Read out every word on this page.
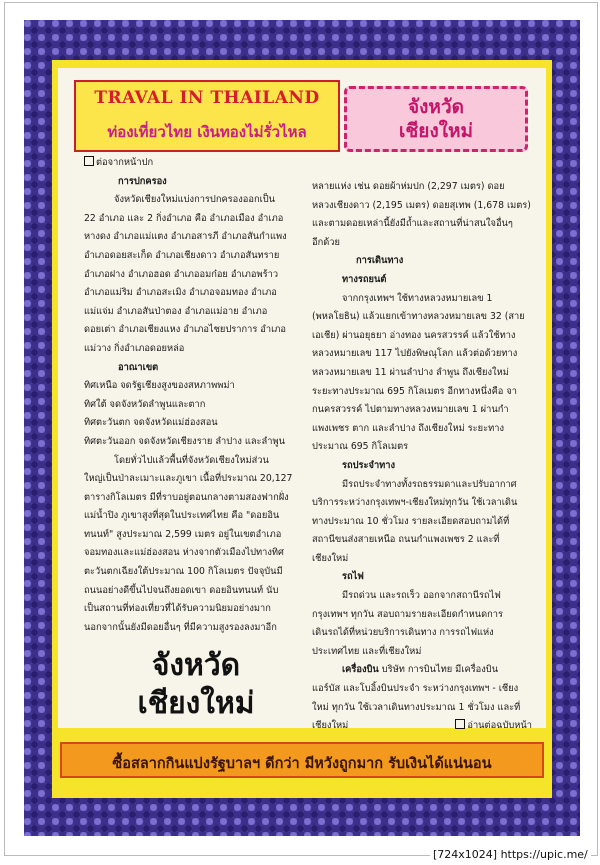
TRAVAL IN THAILAND
ท่องเที่ยวไทย เงินทองไม่รั่วไหล
จังหวัด
เชียงใหม่

ต่อจากหน้าปก

การปกครอง

จังหวัดเชียงใหม่แบ่งการปกครองออกเป็น

22 อำเภอ และ 2 กิ่งอำเภอ คือ อำเภอเมือง อำเภอ

หางดง อำเภอแม่แตง อำเภอสารภี อำเภอสันกำแพง

อำเภอดอยสะเก็ด อำเภอเชียงดาว อำเภอสันทราย

อำเภอฝาง อำเภอฮอด อำเภออมก๋อย อำเภอพร้าว

อำเภอแม่ริม อำเภอสะเมิง อำเภอจอมทอง อำเภอ

แม่แจ่ม อำเภอสันป่าตอง อำเภอแม่อาย อำเภอ

ดอยเต่า อำเภอเชียงแหง อำเภอไชยปราการ อำเภอ

แม่วาง กิ่งอำเภอดอยหล่อ

อาณาเขต

ทิศเหนือ จดรัฐเชียงสูงของสหภาพพม่า

ทิศใต้ จดจังหวัดลำพูนและตาก

ทิศตะวันตก จดจังหวัดแม่ฮ่องสอน

ทิศตะวันออก จดจังหวัดเชียงราย ลำปาง และลำพูน

โดยทั่วไปแล้วพื้นที่จังหวัดเชียงใหม่ส่วน

ใหญ่เป็นป่าละเมาะและภูเขา เนื้อที่ประมาณ 20,127

ตารางกิโลเมตร มีที่ราบอยู่ตอนกลางตามสองฟากฝั่ง

แม่น้ำปิง ภูเขาสูงที่สุดในประเทศไทย คือ "ดอยอิน

ทนนท์" สูงประมาณ 2,599 เมตร อยู่ในเขตอำเภอ

จอมทองและแม่ฮ่องสอน ห่างจากตัวเมืองไปทางทิศ

ตะวันตกเฉียงใต้ประมาณ 100 กิโลเมตร ปัจจุบันมี

ถนนอย่างดีขึ้นไปจนถึงยอดเขา ดอยอินทนนท์ นับ

เป็นสถานที่ท่องเที่ยวที่ได้รับความนิยมอย่างมาก

นอกจากนั้นยังมีดอยอื่นๆ ที่มีความสูงรองลงมาอีก

จังหวัด
เชียงใหม่

หลายแห่ง เช่น ดอยผ้าห่มปก (2,297 เมตร) ดอย

หลวงเชียงดาว (2,195 เมตร) ดอยสุเทพ (1,678 เมตร)

และตามดอยเหล่านี้ยังมีถ้ำและสถานที่น่าสนใจอื่นๆ

อีกด้วย

การเดินทาง

ทางรถยนต์

จากกรุงเทพฯ ใช้ทางหลวงหมายเลข 1

(พหลโยธิน) แล้วแยกเข้าทางหลวงหมายเลข 32 (สาย

เอเชีย) ผ่านอยุธยา อ่างทอง นครสวรรค์ แล้วใช้ทาง

หลวงหมายเลข 117 ไปยังพิษณุโลก แล้วต่อด้วยทาง

หลวงหมายเลข 11 ผ่านลำปาง ลำพูน ถึงเชียงใหม่

ระยะทางประมาณ 695 กิโลเมตร อีกทางหนึ่งคือ จา

กนครสวรรค์ ไปตามทางหลวงหมายเลข 1 ผ่านกำ

แพงเพชร ตาก และลำปาง ถึงเชียงใหม่ ระยะทาง

ประมาณ 695 กิโลเมตร

รถประจำทาง

มีรถประจำทางทั้งรถธรรมดาและปรับอากาศ

บริการระหว่างกรุงเทพฯ-เชียงใหม่ทุกวัน ใช้เวลาเดิน

ทางประมาณ 10 ชั่วโมง รายละเอียดสอบถามได้ที่

สถานีขนส่งสายเหนือ ถนนกำแพงเพชร 2 และที่

เชียงใหม่

รถไฟ

มีรถด่วน และรถเร็ว ออกจากสถานีรถไฟ

กรุงเทพฯ ทุกวัน สอบถามรายละเอียดกำหนดการ

เดินรถได้ที่หน่วยบริการเดินทาง การรถไฟแห่ง

ประเทศไทย และที่เชียงใหม่

เครื่องบิน บริษัท การบินไทย มีเครื่องบิน

แอร์บัส และโบอิ้งบินประจำ ระหว่างกรุงเทพฯ - เชียง

ใหม่ ทุกวัน ใช้เวลาเดินทางประมาณ 1 ชั่วโมง และที่

เชียงใหม่	อ่านต่อฉบับหน้า

ซื้อสลากกินแบ่งรัฐบาลฯ ดีกว่า มีหวังถูกมาก รับเงินได้แน่นอน
[724x1024] https://upic.me/
